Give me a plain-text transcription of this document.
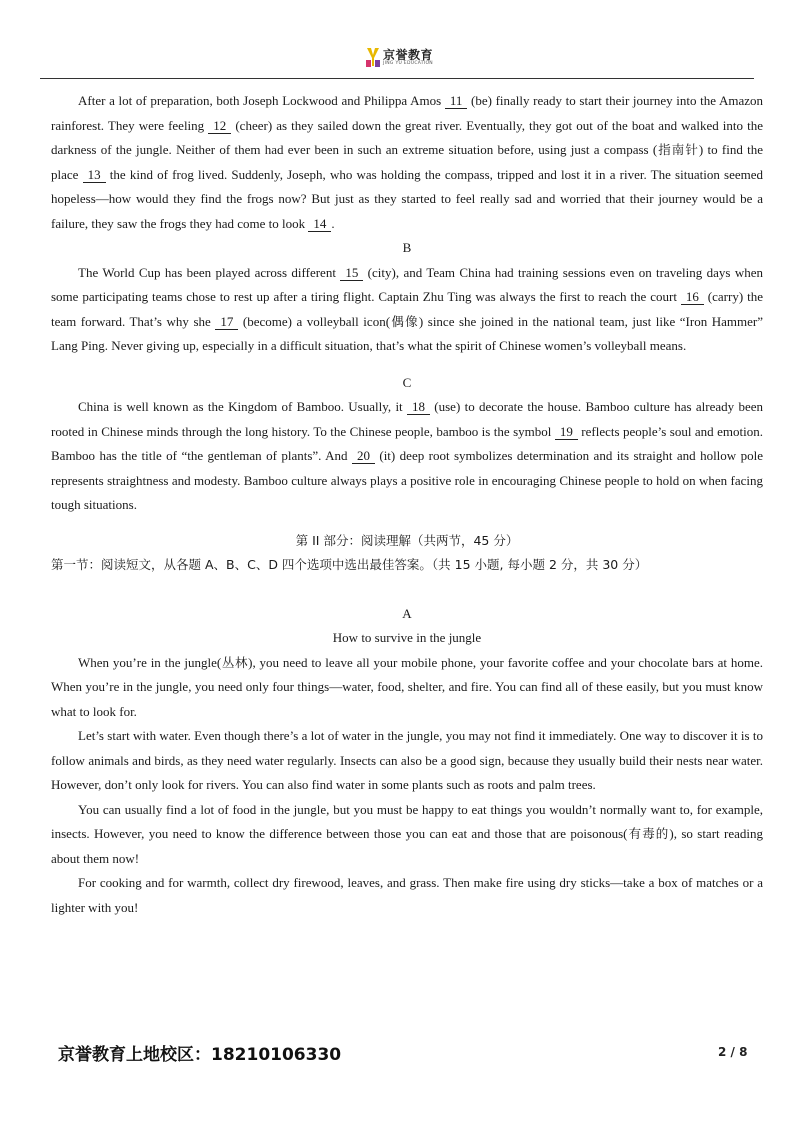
京誉教育
JING YU EDUCATION

After a lot of preparation, both Joseph Lockwood and Philippa Amos 11 (be) finally ready to start their journey into the Amazon rainforest. They were feeling 12 (cheer) as they sailed down the great river. Eventually, they got out of the boat and walked into the darkness of the jungle. Neither of them had ever been in such an extreme situation before, using just a compass (指南针) to find the place 13 the kind of frog lived. Suddenly, Joseph, who was holding the compass, tripped and lost it in a river. The situation seemed hopeless—how would they find the frogs now? But just as they started to feel really sad and worried that their journey would be a failure, they saw the frogs they had come to look 14 .

B

The World Cup has been played across different 15 (city), and Team China had training sessions even on traveling days when some participating teams chose to rest up after a tiring flight. Captain Zhu Ting was always the first to reach the court 16 (carry) the team forward. That’s why she 17 (become) a volleyball icon(偶像) since she joined in the national team, just like “Iron Hammer” Lang Ping. Never giving up, especially in a difficult situation, that’s what the spirit of Chinese women’s volleyball means.

C

China is well known as the Kingdom of Bamboo. Usually, it 18 (use) to decorate the house. Bamboo culture has already been rooted in Chinese minds through the long history. To the Chinese people, bamboo is the symbol 19 reflects people’s soul and emotion. Bamboo has the title of “the gentleman of plants”. And 20 (it) deep root symbolizes determination and its straight and hollow pole represents straightness and modesty. Bamboo culture always plays a positive role in encouraging Chinese people to hold on when facing tough situations.

第 II 部分：阅读理解（共两节，45 分）

第一节：阅读短文，从各题 A、B、C、D 四个选项中选出最佳答案。（共 15 小题, 每小题 2 分，共 30 分）

A

How to survive in the jungle

When you’re in the jungle(丛林), you need to leave all your mobile phone, your favorite coffee and your chocolate bars at home. When you’re in the jungle, you need only four things—water, food, shelter, and fire. You can find all of these easily, but you must know what to look for.

Let’s start with water. Even though there’s a lot of water in the jungle, you may not find it immediately. One way to discover it is to follow animals and birds, as they need water regularly. Insects can also be a good sign, because they usually build their nests near water. However, don’t only look for rivers. You can also find water in some plants such as roots and palm trees.

You can usually find a lot of food in the jungle, but you must be happy to eat things you wouldn’t normally want to, for example, insects. However, you need to know the difference between those you can eat and those that are poisonous(有毒的), so start reading about them now!

For cooking and for warmth, collect dry firewood, leaves, and grass. Then make fire using dry sticks—take a box of matches or a lighter with you!

京誉教育上地校区：18210106330	2 / 8
